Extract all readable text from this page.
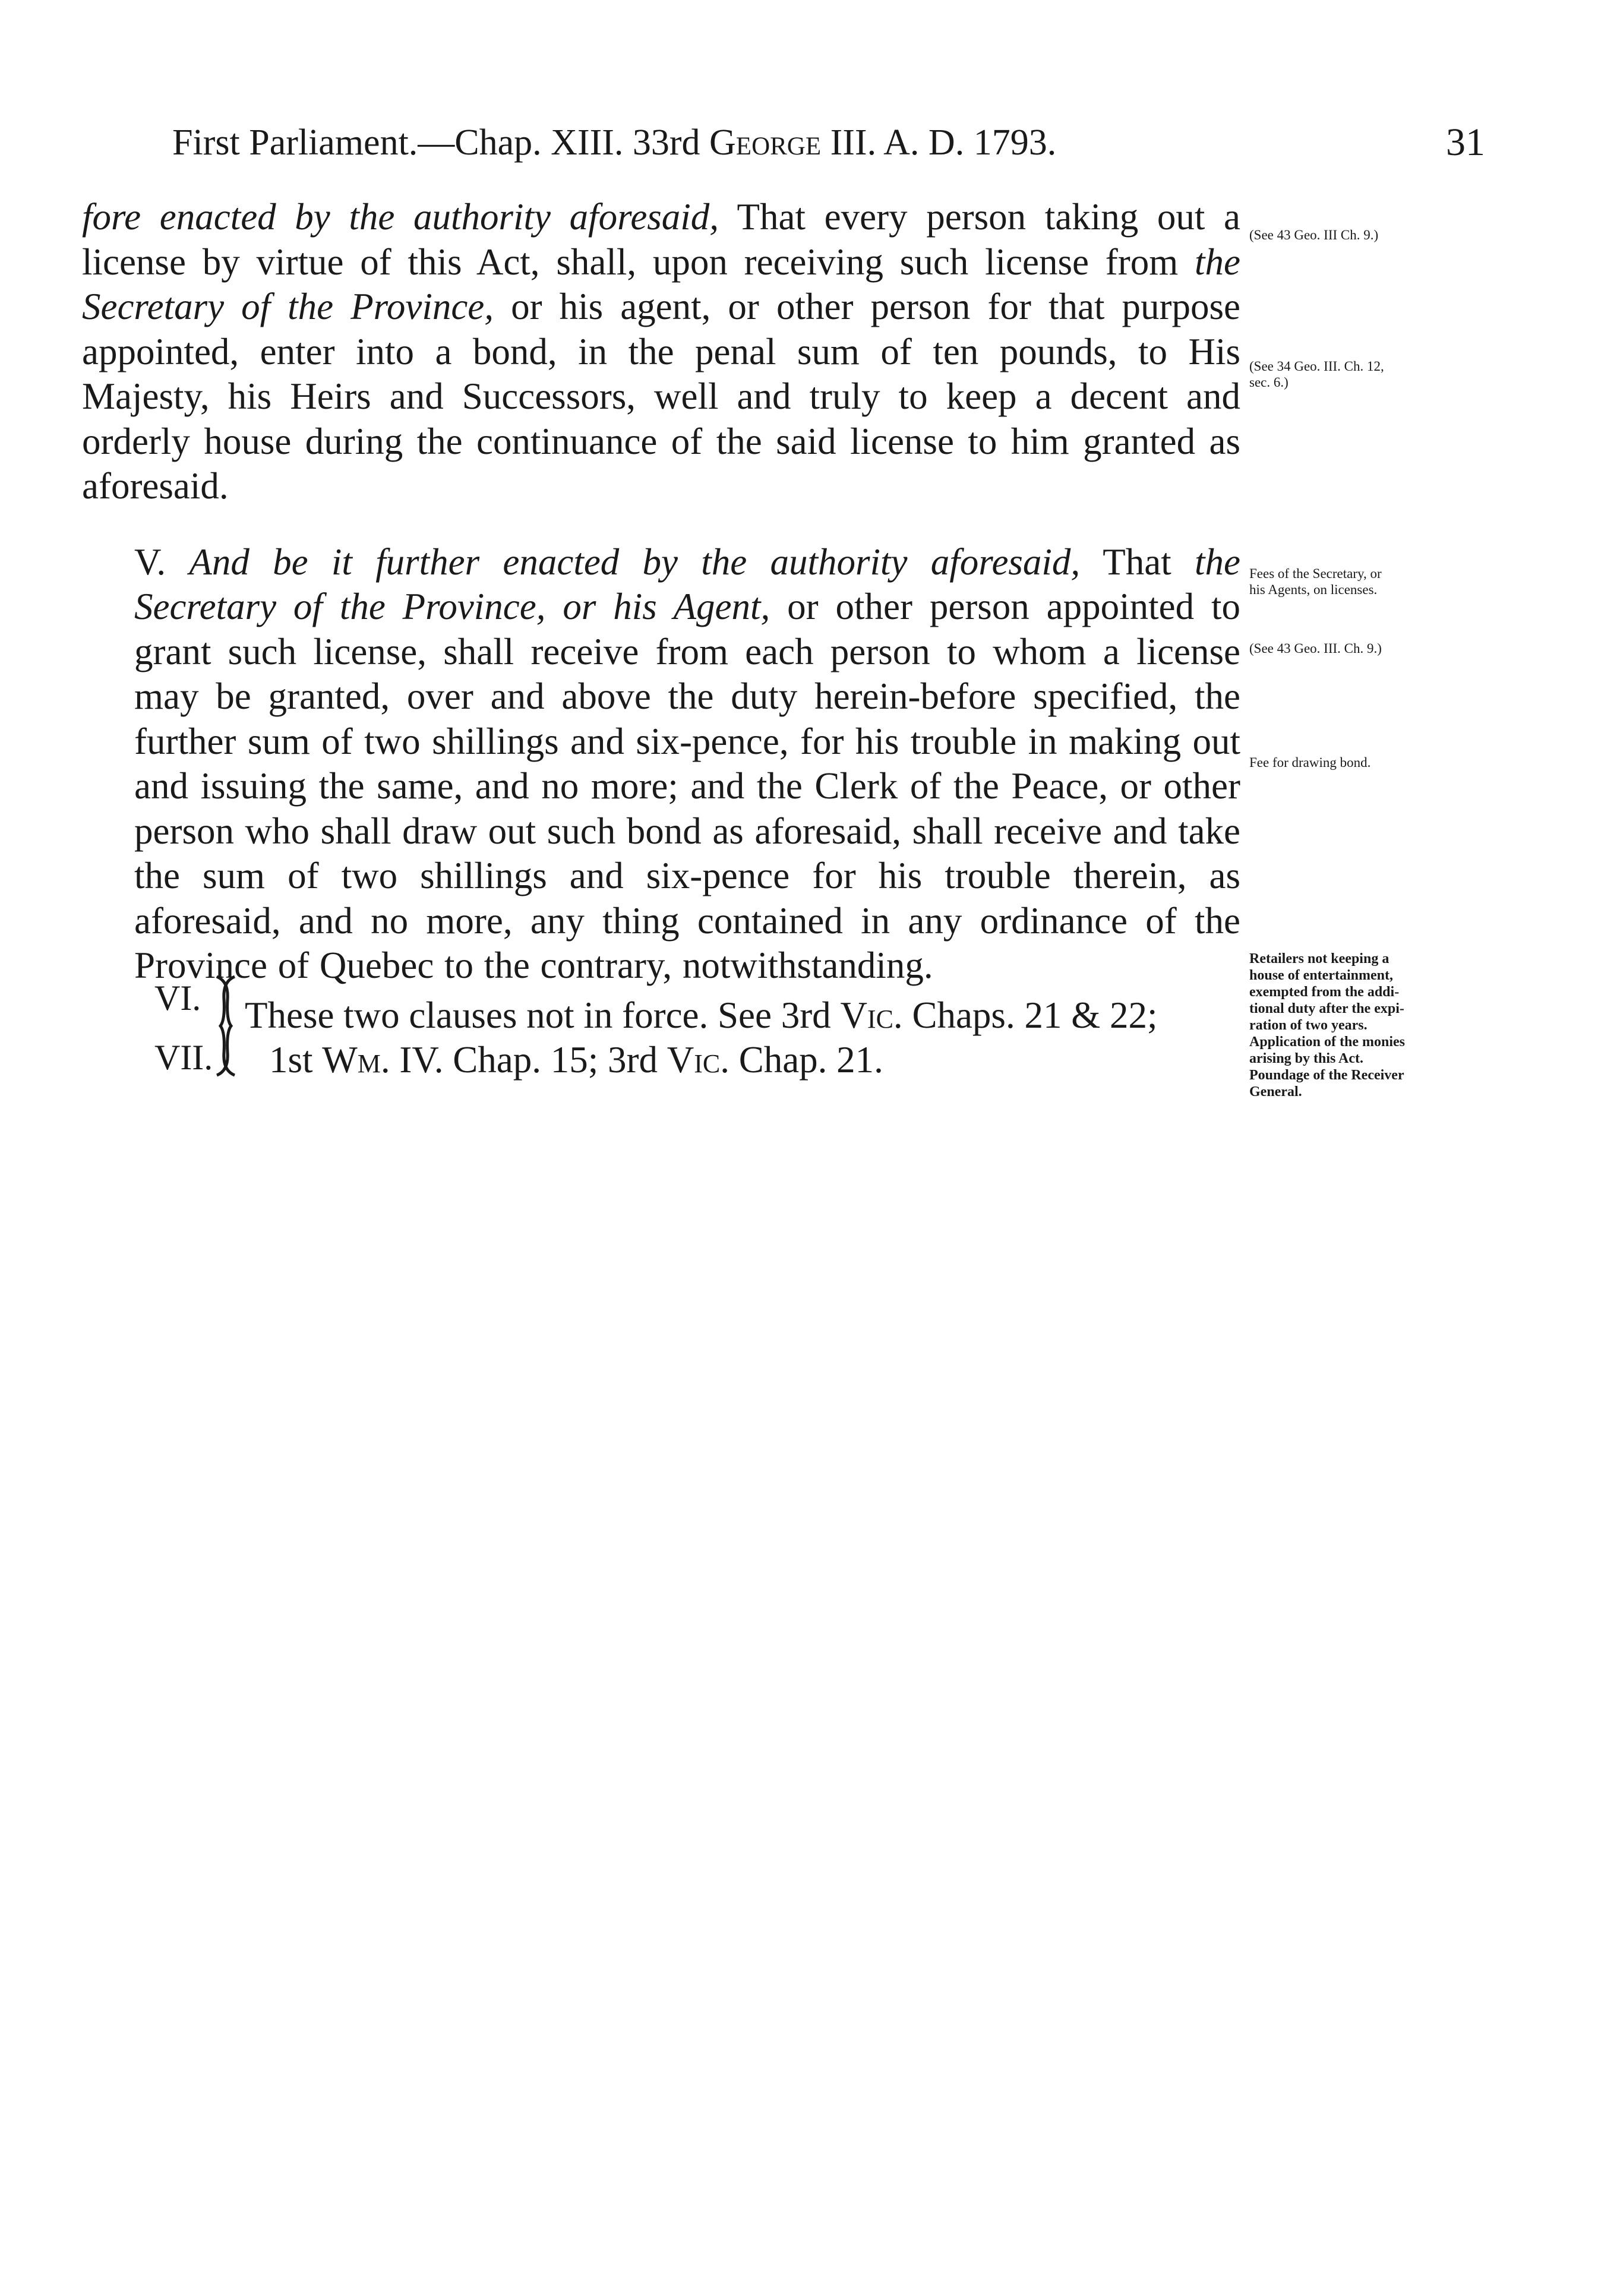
First Parliament.—Chap. XIII. 33rd George III. A. D. 1793.	31

fore enacted by the authority aforesaid, That every person taking out a license by virtue of this Act, shall, upon receiving such license from the Secretary of the Province, or his agent, or other person for that purpose appointed, enter into a bond, in the penal sum of ten pounds, to His Majesty, his Heirs and Successors, well and truly to keep a decent and orderly house during the continuance of the said license to him granted as aforesaid.

V. And be it further enacted by the authority aforesaid, That the Secretary of the Province, or his Agent, or other person appointed to grant such license, shall receive from each person to whom a license may be granted, over and above the duty herein-before specified, the further sum of two shillings and six-pence, for his trouble in making out and issuing the same, and no more; and the Clerk of the Peace, or other person who shall draw out such bond as aforesaid, shall receive and take the sum of two shillings and six-pence for his trouble therein, as aforesaid, and no more, any thing contained in any ordinance of the Province of Quebec to the contrary, notwithstanding.

VI.
VII.
These two clauses not in force. See 3rd Vic. Chaps. 21 & 22;
1st Wm. IV. Chap. 15; 3rd Vic. Chap. 21.
(See 43 Geo. III Ch. 9.)
(See 34 Geo. III. Ch. 12,
sec. 6.)
Fees of the Secretary, or
his Agents, on licenses.
(See 43 Geo. III. Ch. 9.)
Fee for drawing bond.
Retailers not keeping a
house of entertainment,
exempted from the addi-
tional duty after the expi-
ration of two years.
Application of the monies
arising by this Act.
Poundage of the Receiver
General.
